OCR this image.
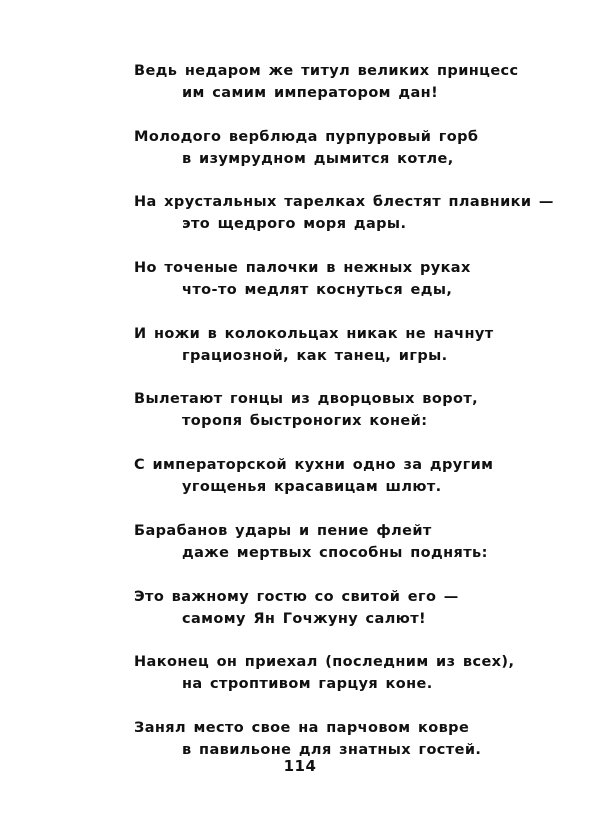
Ведь недаром же титул великих принцесс
им самим императором дан!
Молодого верблюда пурпуровый горб
в изумрудном дымится котле,
На хрустальных тарелках блестят плавники —
это щедрого моря дары.
Но точеные палочки в нежных руках
что-то медлят коснуться еды,
И ножи в колокольцах никак не начнут
грациозной, как танец, игры.
Вылетают гонцы из дворцовых ворот,
торопя быстроногих коней:
С императорской кухни одно за другим
угощенья красавицам шлют.
Барабанов удары и пение флейт
даже мертвых способны поднять:
Это важному гостю со свитой его —
самому Ян Гочжуну салют!
Наконец он приехал (последним из всех),
на строптивом гарцуя коне.
Занял место свое на парчовом ковре
в павильоне для знатных гостей.
114
